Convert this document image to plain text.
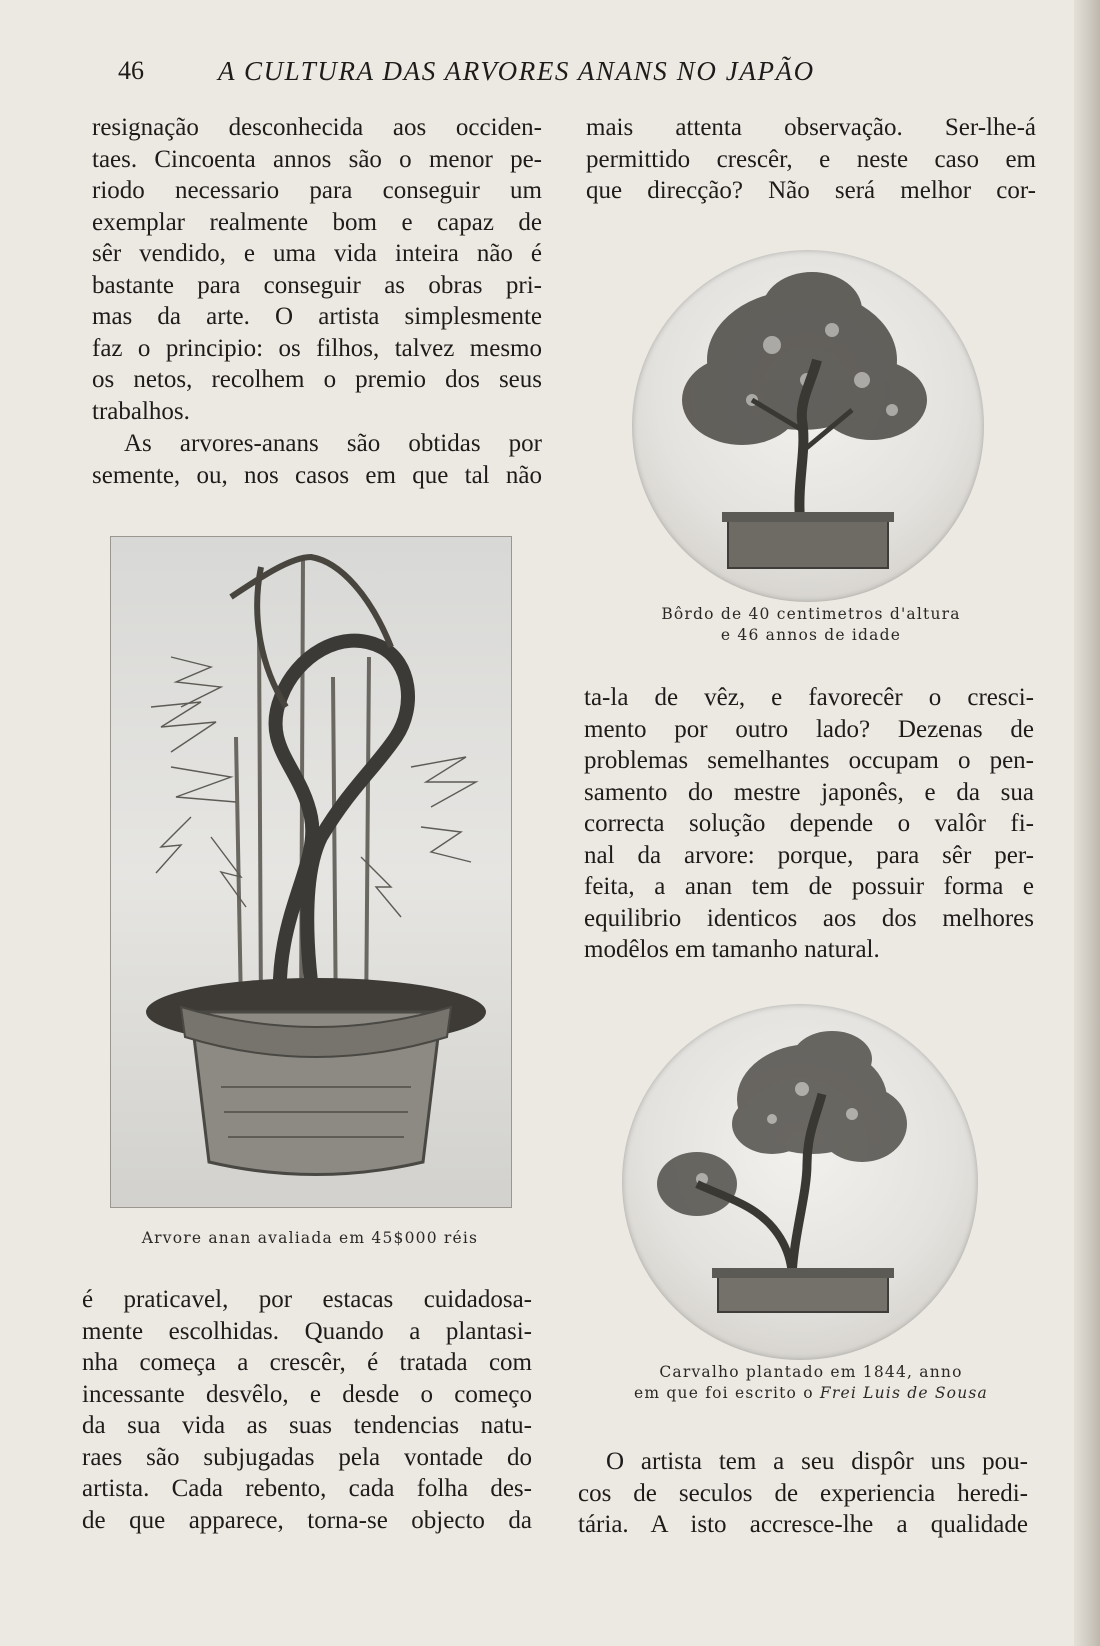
46	A CULTURA DAS ARVORES ANANS NO JAPÃO
resignação desconhecida aos occiden-
taes. Cincoenta annos são o menor pe-
riodo necessario para conseguir um
exemplar realmente bom e capaz de
sêr vendido, e uma vida inteira não é
bastante para conseguir as obras pri-
mas da arte. O artista simplesmente
faz o principio: os filhos, talvez mesmo
os netos, recolhem o premio dos seus
trabalhos.
As arvores-anans são obtidas por
semente, ou, nos casos em que tal não
Arvore anan avaliada em 45$000 réis
é praticavel, por estacas cuidadosa-
mente escolhidas. Quando a plantasi-
nha começa a crescêr, é tratada com
incessante desvêlo, e desde o começo
da sua vida as suas tendencias natu-
raes são subjugadas pela vontade do
artista. Cada rebento, cada folha des-
de que apparece, torna-se objecto da
mais attenta observação. Ser-lhe-á
permittido crescêr, e neste caso em
que direcção? Não será melhor cor-
Bôrdo de 40 centimetros d'altura
e 46 annos de idade
ta-la de vêz, e favorecêr o cresci-
mento por outro lado? Dezenas de
problemas semelhantes occupam o pen-
samento do mestre japonês, e da sua
correcta solução depende o valôr fi-
nal da arvore: porque, para sêr per-
feita, a anan tem de possuir forma e
equilibrio identicos aos dos melhores
modêlos em tamanho natural.
Carvalho plantado em 1844, anno
em que foi escrito o Frei Luis de Sousa
O artista tem a seu dispôr uns pou-
cos de seculos de experiencia heredi-
tária. A isto accresce-lhe a qualidade
